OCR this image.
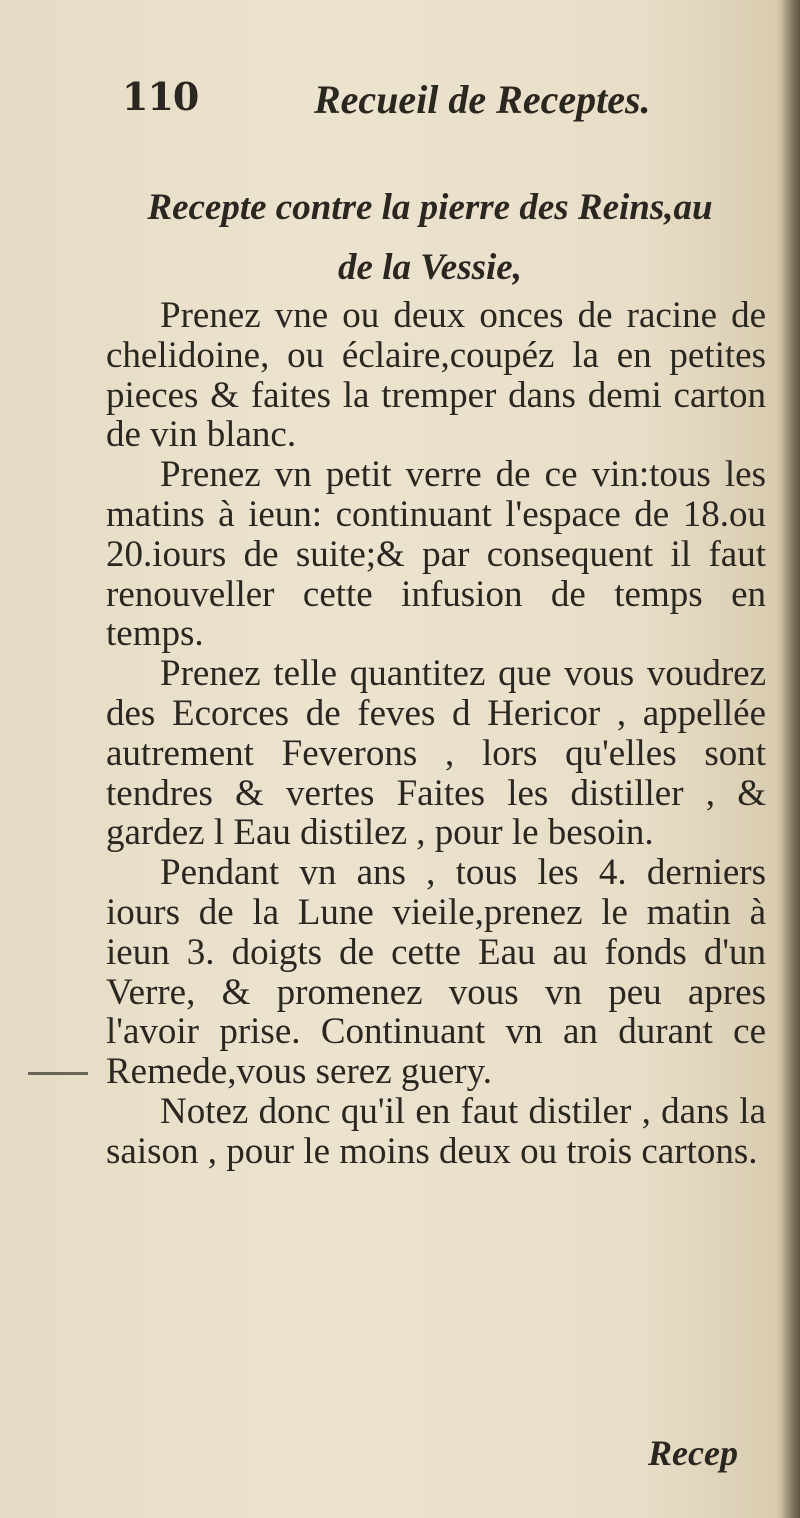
110	Recueil de Receptes.
Recepte contre la pierre des Reins,au
de la Vessie,

Prenez vne ou deux onces de racine de chelidoine, ou éclaire,coupéz la en petites pieces & faites la tremper dans demi carton de vin blanc.

Prenez vn petit verre de ce vin:tous les matins à ieun: continuant l'espace de 18.ou 20.iours de suite;& par consequent il faut renouveller cette infusion de temps en temps.

Prenez telle quantitez que vous voudrez des Ecorces de feves d Hericor , appellée autrement Feverons , lors qu'elles sont tendres & vertes Faites les distiller , & gardez l Eau distilez , pour le besoin.

Pendant vn ans , tous les 4. derniers iours de la Lune vieile,prenez le matin à ieun 3. doigts de cette Eau au fonds d'un Verre, & promenez vous vn peu apres l'avoir prise. Continuant vn an durant ce Remede,vous serez guery.

Notez donc qu'il en faut distiler , dans la saison , pour le moins deux ou trois cartons.

Recep
